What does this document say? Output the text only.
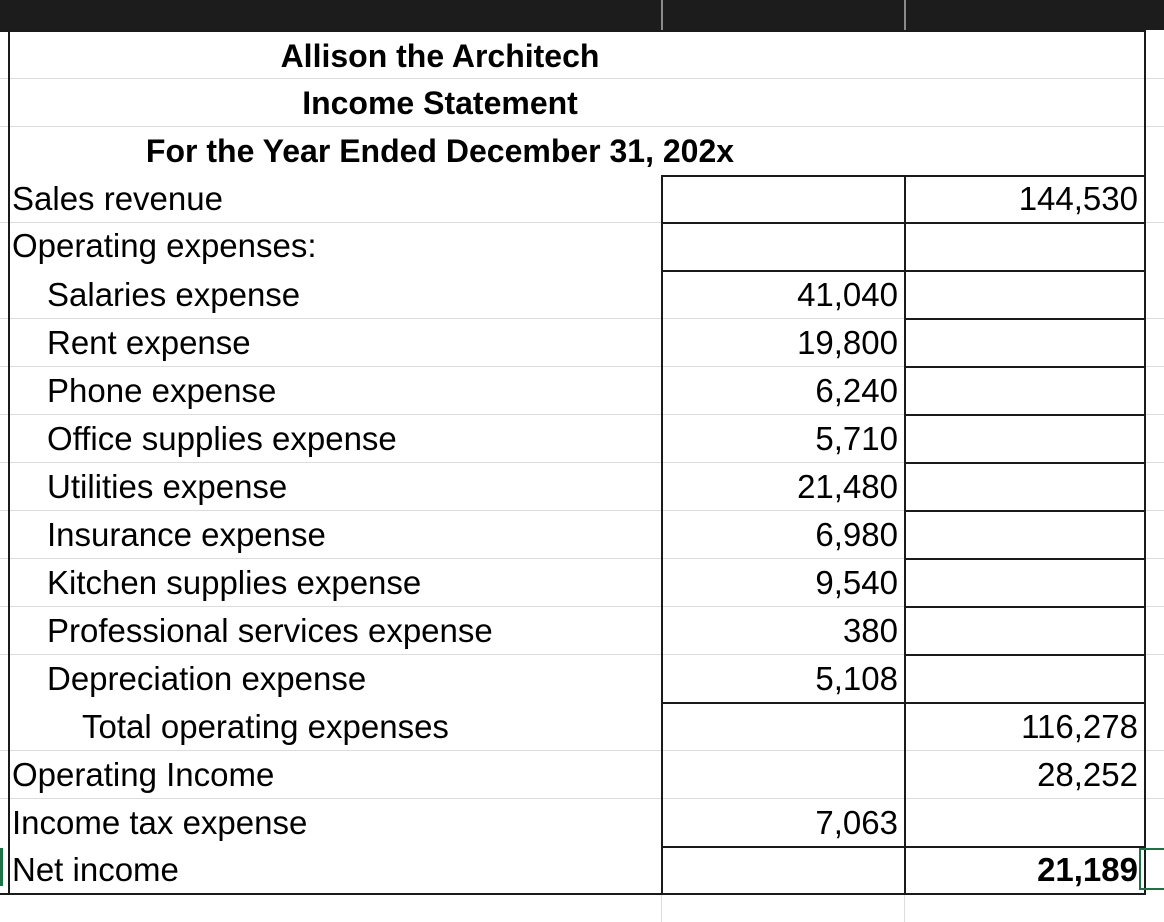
Allison the Architech
Income Statement
For the Year Ended December 31, 202x
Sales revenue	144,530
Operating expenses:
Salaries expense	41,040
Rent expense	19,800
Phone expense	6,240
Office supplies expense	5,710
Utilities expense	21,480
Insurance expense	6,980
Kitchen supplies expense	9,540
Professional services expense	380
Depreciation expense	5,108
Total operating expenses	116,278
Operating Income	28,252
Income tax expense	7,063
Net income	21,189
